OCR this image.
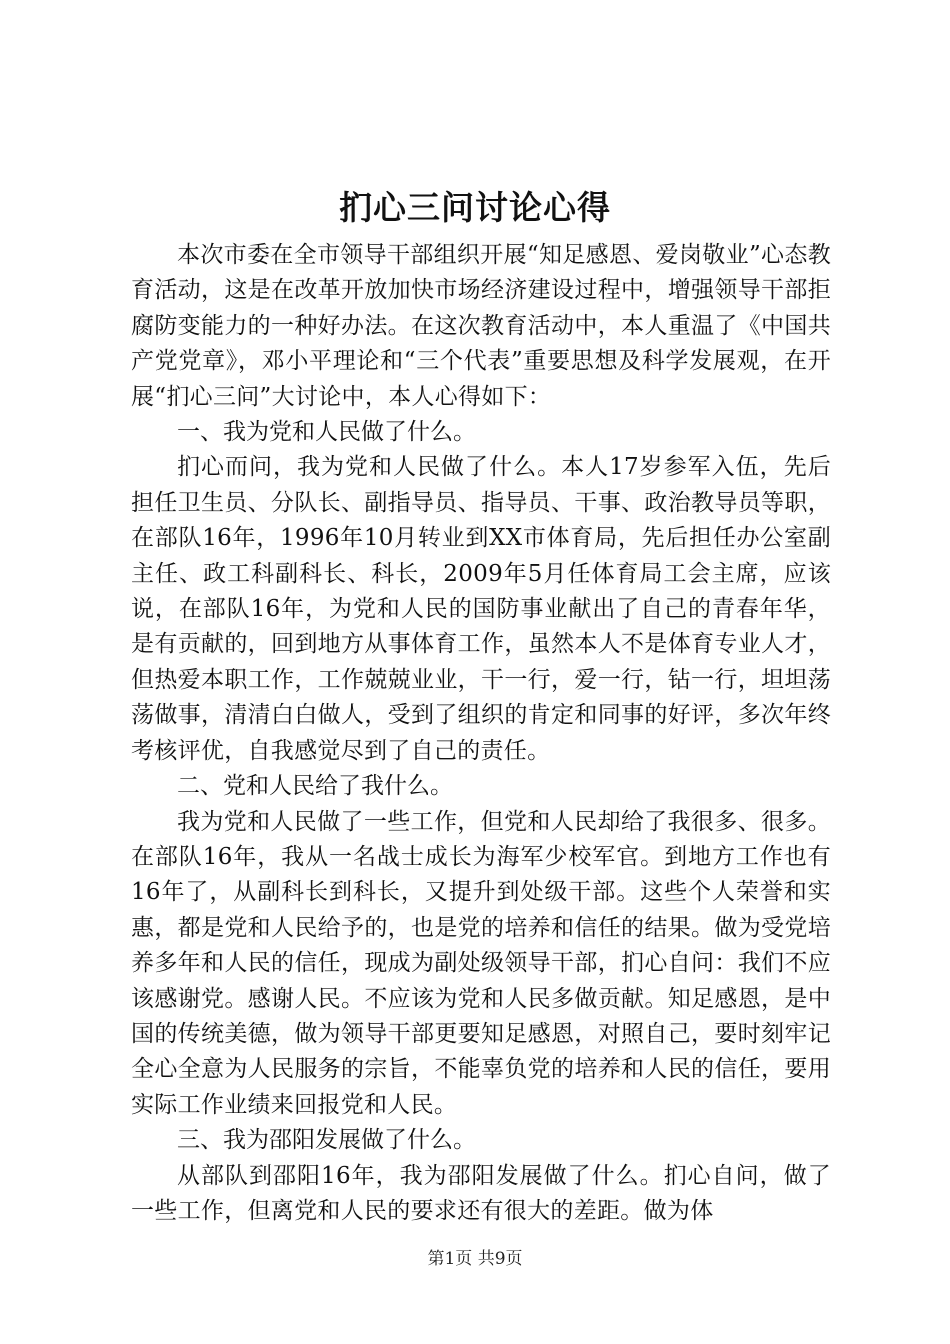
扪心三问讨论心得

本次市委在全市领导干部组织开展“知足感恩、爱岗敬业”心态教育活动，这是在改革开放加快市场经济建设过程中，增强领导干部拒腐防变能力的一种好办法。在这次教育活动中，本人重温了《中国共产党党章》，邓小平理论和“三个代表”重要思想及科学发展观，在开展“扪心三问”大讨论中，本人心得如下：

一、我为党和人民做了什么。

扪心而问，我为党和人民做了什么。本人17岁参军入伍，先后担任卫生员、分队长、副指导员、指导员、干事、政治教导员等职，在部队16年，1996年10月转业到XX市体育局，先后担任办公室副主任、政工科副科长、科长，2009年5月任体育局工会主席，应该说，在部队16年，为党和人民的国防事业献出了自己的青春年华，是有贡献的，回到地方从事体育工作，虽然本人不是体育专业人才，但热爱本职工作，工作兢兢业业，干一行，爱一行，钻一行，坦坦荡荡做事，清清白白做人，受到了组织的肯定和同事的好评，多次年终考核评优，自我感觉尽到了自己的责任。

二、党和人民给了我什么。

我为党和人民做了一些工作，但党和人民却给了我很多、很多。在部队16年，我从一名战士成长为海军少校军官。到地方工作也有16年了，从副科长到科长，又提升到处级干部。这些个人荣誉和实惠，都是党和人民给予的，也是党的培养和信任的结果。做为受党培养多年和人民的信任，现成为副处级领导干部，扪心自问：我们不应该感谢党。感谢人民。不应该为党和人民多做贡献。知足感恩，是中国的传统美德，做为领导干部更要知足感恩，对照自己，要时刻牢记全心全意为人民服务的宗旨，不能辜负党的培养和人民的信任，要用实际工作业绩来回报党和人民。

三、我为邵阳发展做了什么。

从部队到邵阳16年，我为邵阳发展做了什么。扪心自问，做了一些工作，但离党和人民的要求还有很大的差距。做为体

第1页 共9页
